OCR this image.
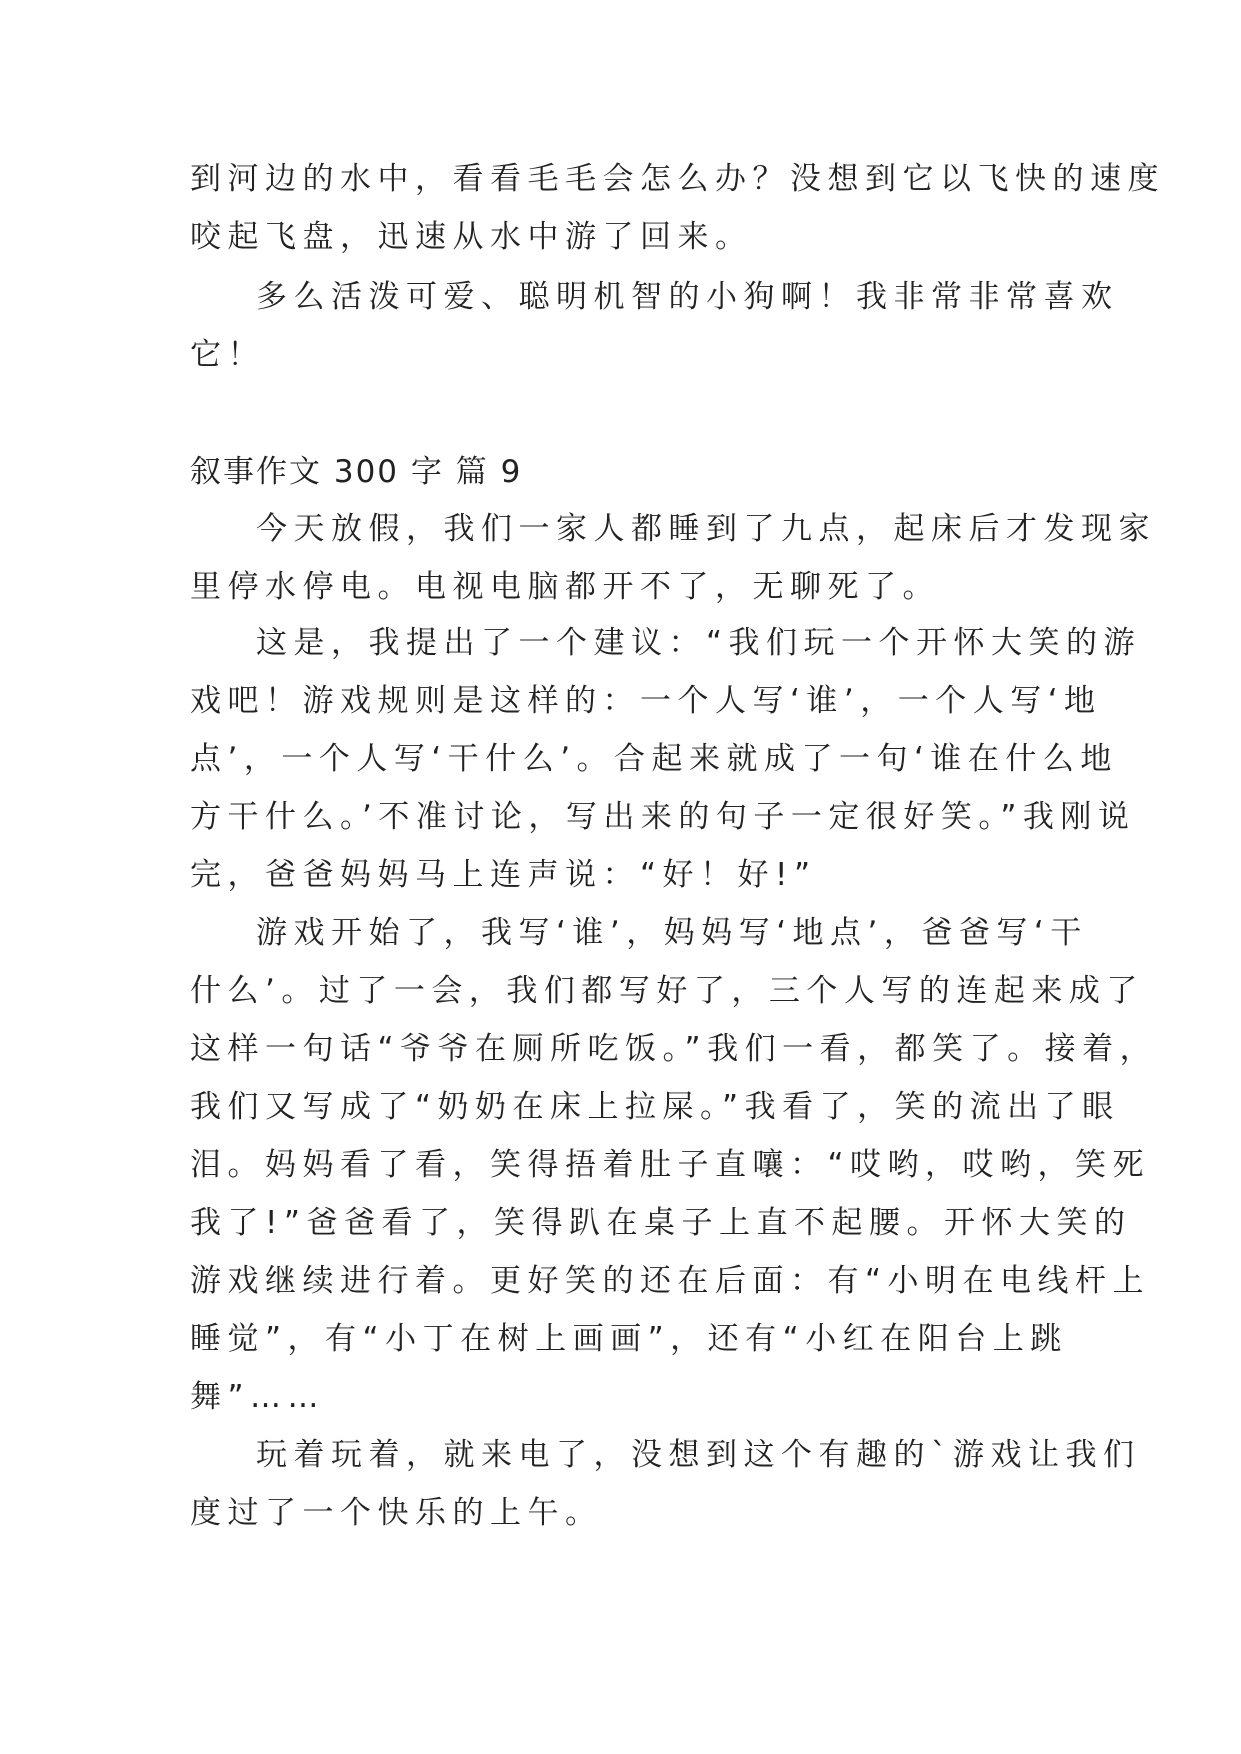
到河边的水中，看看毛毛会怎么办？没想到它以飞快的速度
咬起飞盘，迅速从水中游了回来。
多么活泼可爱、聪明机智的小狗啊！我非常非常喜欢
它！
叙事作文 300 字 篇 9
今天放假，我们一家人都睡到了九点，起床后才发现家
里停水停电。电视电脑都开不了，无聊死了。
这是，我提出了一个建议：“我们玩一个开怀大笑的游
戏吧！游戏规则是这样的：一个人写‘谁’，一个人写‘地
点’，一个人写‘干什么’。合起来就成了一句‘谁在什么地
方干什么。’不准讨论，写出来的句子一定很好笑。”我刚说
完，爸爸妈妈马上连声说：“好！好!”
游戏开始了，我写‘谁’，妈妈写‘地点’，爸爸写‘干
什么’。过了一会，我们都写好了，三个人写的连起来成了
这样一句话“爷爷在厕所吃饭。”我们一看，都笑了。接着，
我们又写成了“奶奶在床上拉屎。”我看了，笑的流出了眼
泪。妈妈看了看，笑得捂着肚子直嚷：“哎哟，哎哟，笑死
我了!”爸爸看了，笑得趴在桌子上直不起腰。开怀大笑的
游戏继续进行着。更好笑的还在后面：有“小明在电线杆上
睡觉”，有“小丁在树上画画”，还有“小红在阳台上跳
舞”……
玩着玩着，就来电了，没想到这个有趣的`游戏让我们
度过了一个快乐的上午。
